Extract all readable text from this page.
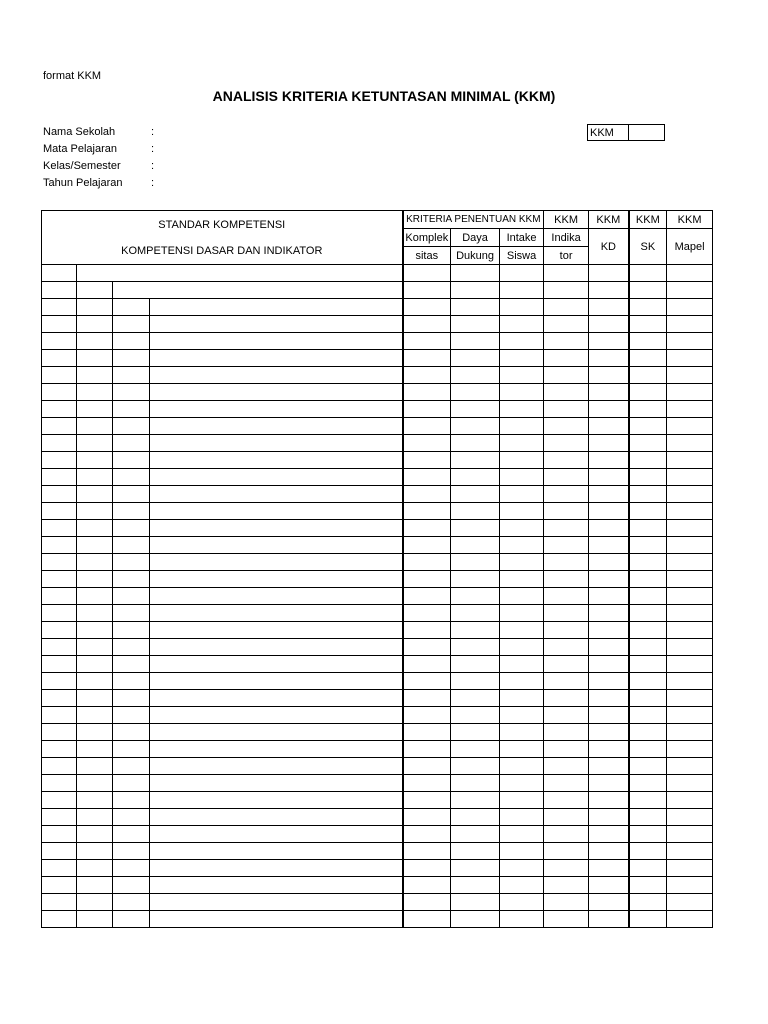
format KKM
ANALISIS KRITERIA KETUNTASAN MINIMAL (KKM)
Nama Sekolah	:
Mata Pelajaran	:
Kelas/Semester	:
Tahun Pelajaran	:
KKM
STANDAR KOMPETENSI
KOMPETENSI DASAR DAN INDIKATOR				KRITERIA PENENTUAN KKM			KKM	KKM	KKM	KKM
				Komplek	Daya	Intake	Indika	KD	SK	Mapel
				sitas	Dukung	Siswa	tor			
